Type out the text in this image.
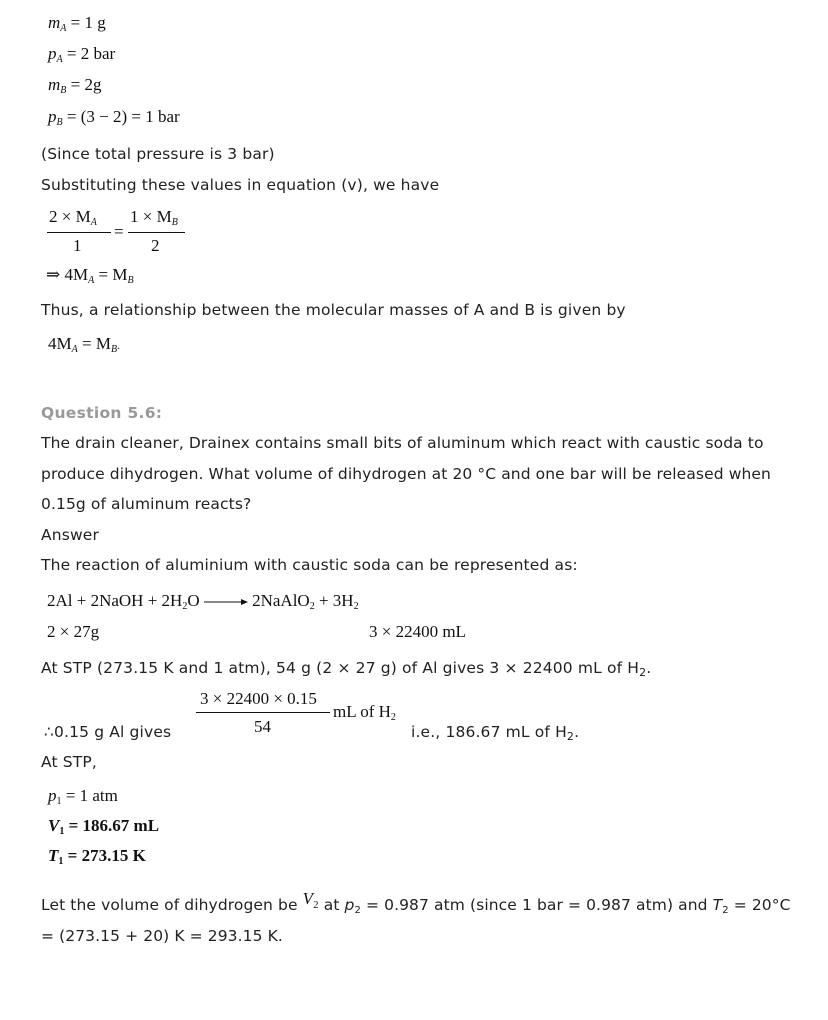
$m_A = 1$ g
$p_A = 2$ bar
$m_B = 2g$
$p_B = (3 - 2) = 1$ bar
(Since total pressure is 3 bar)
Substituting these values in equation (v), we have
$2 \times M_A$
1
=
$1 \times M_B$
2
⇒ $4M_A = M_B$
Thus, a relationship between the molecular masses of A and B is given by
$4M_A = M_B$.
Question 5.6:
The drain cleaner, Drainex contains small bits of aluminum which react with caustic soda to produce dihydrogen. What volume of dihydrogen at 20 °C and one bar will be released when 0.15g of aluminum reacts?
Answer
The reaction of aluminium with caustic soda can be represented as:
2Al + 2NaOH + $2H_2O$ → 2NaAlO$_2$ + $3H_2$
2 × 27g	3 × 22400 mL
At STP (273.15 K and 1 atm), 54 g (2 × 27 g) of Al gives 3 × 22400 mL of $H_2$.
∴0.15 g Al gives
3 × 22400 × 0.15
54
mL of $H_2$
i.e., 186.67 mL of $H_2$.
At STP,
$p_1 = 1$ atm
$V_1 = 186.67$ mL
$T_1 = 273.15$ K
Let the volume of dihydrogen be $V_2$ at $p_2 = 0.987$ atm (since 1 bar = 0.987 atm) and $T_2 = 20^\circ C = (273.15 + 20) K = 293.15$ K.
